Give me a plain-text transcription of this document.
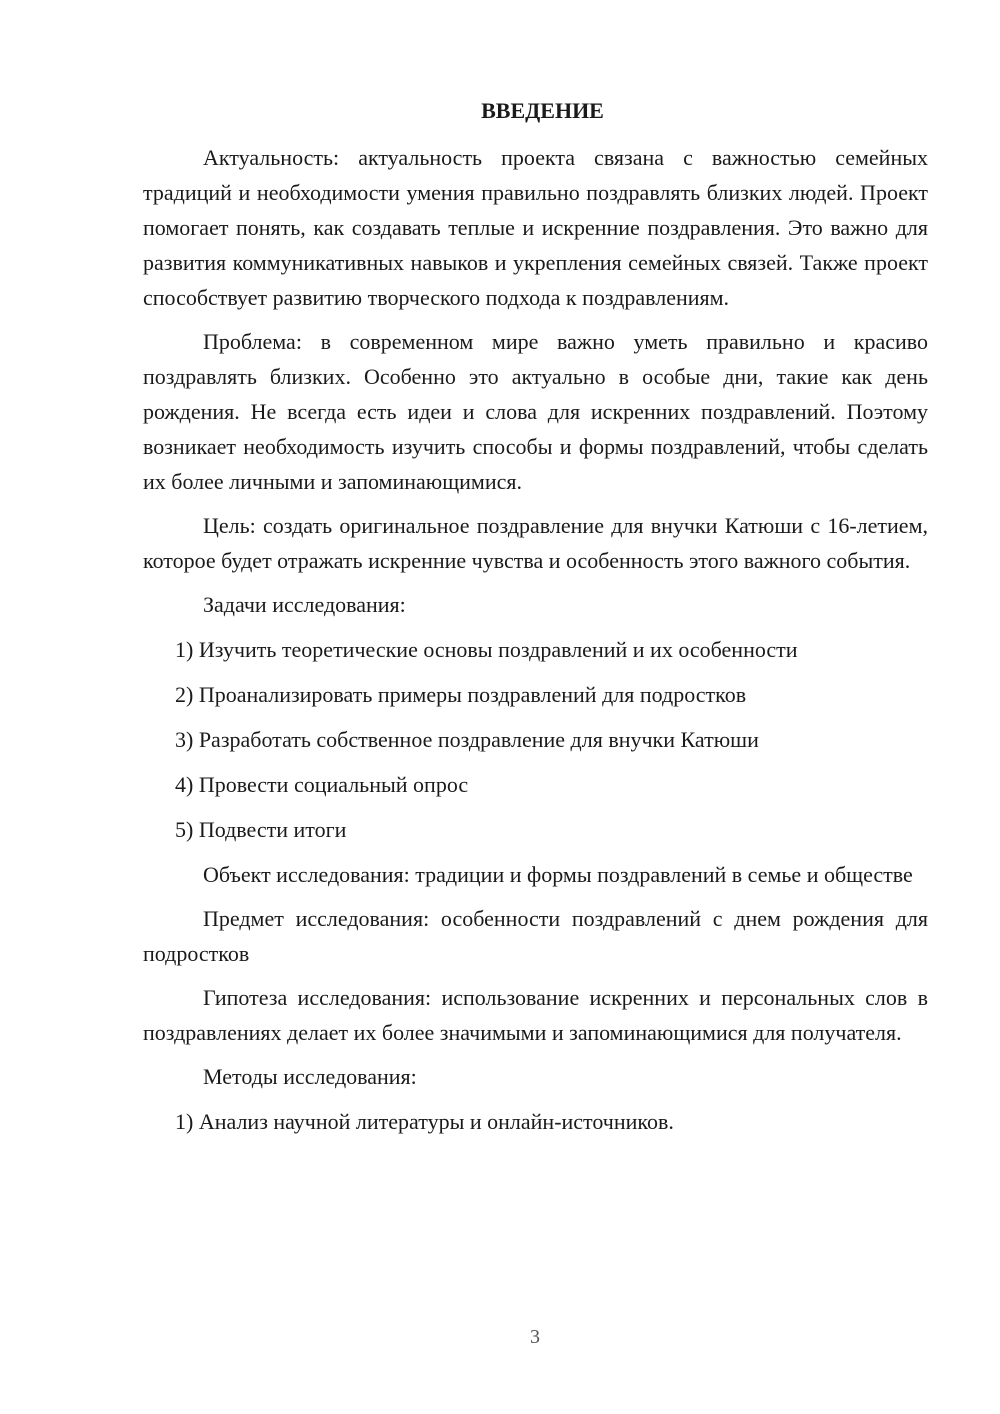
ВВЕДЕНИЕ

Актуальность: актуальность проекта связана с важностью семейных традиций и необходимости умения правильно поздравлять близких людей. Проект помогает понять, как создавать теплые и искренние поздравления. Это важно для развития коммуникативных навыков и укрепления семейных связей. Также проект способствует развитию творческого подхода к поздравлениям.

Проблема: в современном мире важно уметь правильно и красиво поздравлять близких. Особенно это актуально в особые дни, такие как день рождения. Не всегда есть идеи и слова для искренних поздравлений. Поэтому возникает необходимость изучить способы и формы поздравлений, чтобы сделать их более личными и запоминающимися.

Цель: создать оригинальное поздравление для внучки Катюши с 16-летием, которое будет отражать искренние чувства и особенность этого важного события.

Задачи исследования:

1) Изучить теоретические основы поздравлений и их особенности
2) Проанализировать примеры поздравлений для подростков
3) Разработать собственное поздравление для внучки Катюши
4) Провести социальный опрос
5) Подвести итоги

Объект исследования: традиции и формы поздравлений в семье и обществе

Предмет исследования: особенности поздравлений с днем рождения для подростков

Гипотеза исследования: использование искренних и персональных слов в поздравлениях делает их более значимыми и запоминающимися для получателя.

Методы исследования:

1) Анализ научной литературы и онлайн-источников.
3
